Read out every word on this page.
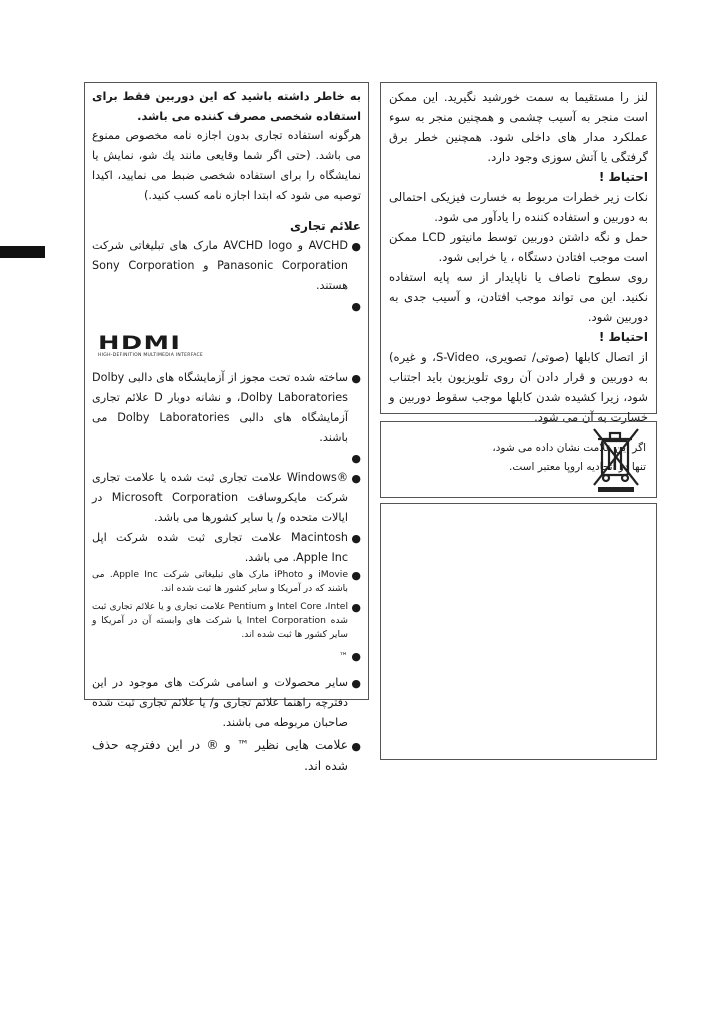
لنز را مستقیما به سمت خورشید نگیرید. این ممکن است منجر به آسیب چشمی و همچنین منجر به سوء عملکرد مدار های داخلی شود. همچنین خطر برق گرفتگی یا آتش سوزی وجود دارد.

احتیاط !

نکات زیر خطرات مربوط به خسارت فیزیکی احتمالی به دوربین و استفاده کننده را یادآور می شود.

حمل و نگه داشتن دوربین توسط مانیتور LCD ممکن است موجب افتادن دستگاه ، یا خرابی شود.

روی سطوح ناصاف یا ناپایدار از سه پایه استفاده نکنید. این می تواند موجب افتادن، و آسیب جدی به دوربین شود.

احتیاط !

از اتصال کابلها (صوتی/ تصویری، S-Video، و غیره) به دوربین و قرار دادن آن روی تلویزیون باید اجتناب شود، زیرا کشیده شدن کابلها موجب سقوط دوربین و خسارت به آن می شود.

اگر این علامت نشان داده می شود، تنها در اتحادیه اروپا معتبر است.

به خاطر داشته باشید که این دوربین فقط برای استفاده شخصی مصرف کننده می باشد.

هرگونه استفاده تجاری بدون اجازه نامه مخصوص ممنوع می باشد. (حتی اگر شما وقایعی مانند یك شو، نمایش یا نمایشگاه را برای استفاده شخصی ضبط می نمایید، اکیدا توصیه می شود که ابتدا اجازه نامه کسب کنید.)

علائم تجاری

●
AVCHD و AVCHD logo مارک های تبلیغاتی شرکت Panasonic Corporation و Sony Corporation هستند.
●
HDMI
HIGH-DEFINITION MULTIMEDIA INTERFACE
●
ساخته شده تحت مجوز از آزمایشگاه های دالبی Dolby ،Dolby Laboratories و نشانه دوبار D علائم تجاری آزمایشگاه های دالبی Dolby Laboratories می باشند.
●
●
®Windows علامت تجاری ثبت شده یا علامت تجاری شرکت مایکروسافت Microsoft Corporation در ایالات متحده و/ یا سایر کشورها می باشد.
●
Macintosh علامت تجاری ثبت شده شرکت اپل Apple Inc. می باشد.
●
iMovie و iPhoto مارک های تبلیغاتی شرکت Apple Inc. می باشند که در آمریکا و سایر کشور ها ثبت شده اند.
●
Intel Core ،Intel و Pentium علامت تجاری و یا علائم تجاری ثبت شده Intel Corporation یا شرکت های وابسته آن در آمریکا و سایر کشور ها ثبت شده اند.
●
™
●
سایر محصولات و اسامی شرکت های موجود در این دفترچه راهنما علائم تجاری و/ یا علائم تجاری ثبت شده صاحبان مربوطه می باشند.
●
علامت هایی نظیر ™ و ® در این دفترچه حذف شده اند.
